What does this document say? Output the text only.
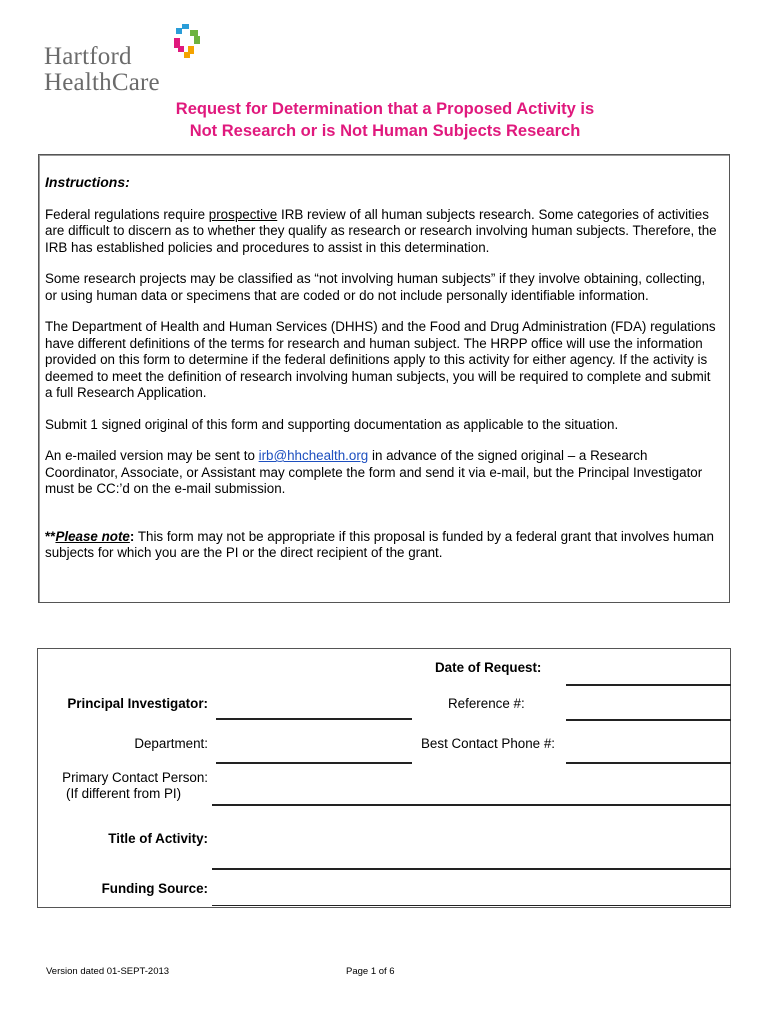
Hartford
HealthCare
Request for Determination that a Proposed Activity is
Not Research or is Not Human Subjects Research

Instructions:

Federal regulations require prospective IRB review of all human subjects research. Some categories of activities are difficult to discern as to whether they qualify as research or research involving human subjects. Therefore, the IRB has established policies and procedures to assist in this determination.

Some research projects may be classified as “not involving human subjects” if they involve obtaining, collecting, or using human data or specimens that are coded or do not include personally identifiable information.

The Department of Health and Human Services (DHHS) and the Food and Drug Administration (FDA) regulations have different definitions of the terms for research and human subject. The HRPP office will use the information provided on this form to determine if the federal definitions apply to this activity for either agency. If the activity is deemed to meet the definition of research involving human subjects, you will be required to complete and submit a full Research Application.

Submit 1 signed original of this form and supporting documentation as applicable to the situation.

An e-mailed version may be sent to irb@hhchealth.org in advance of the signed original – a Research Coordinator, Associate, or Assistant may complete the form and send it via e-mail, but the Principal Investigator must be CC:’d on the e-mail submission.

**Please note: This form may not be appropriate if this proposal is funded by a federal grant that involves human subjects for which you are the PI or the direct recipient of the grant.

Date of Request:
Principal Investigator:	Reference #:
Department:	Best Contact Phone #:
Primary Contact Person:
(If different from PI)
Title of Activity:
Funding Source:
Version dated 01-SEPT-2013	Page 1 of 6
